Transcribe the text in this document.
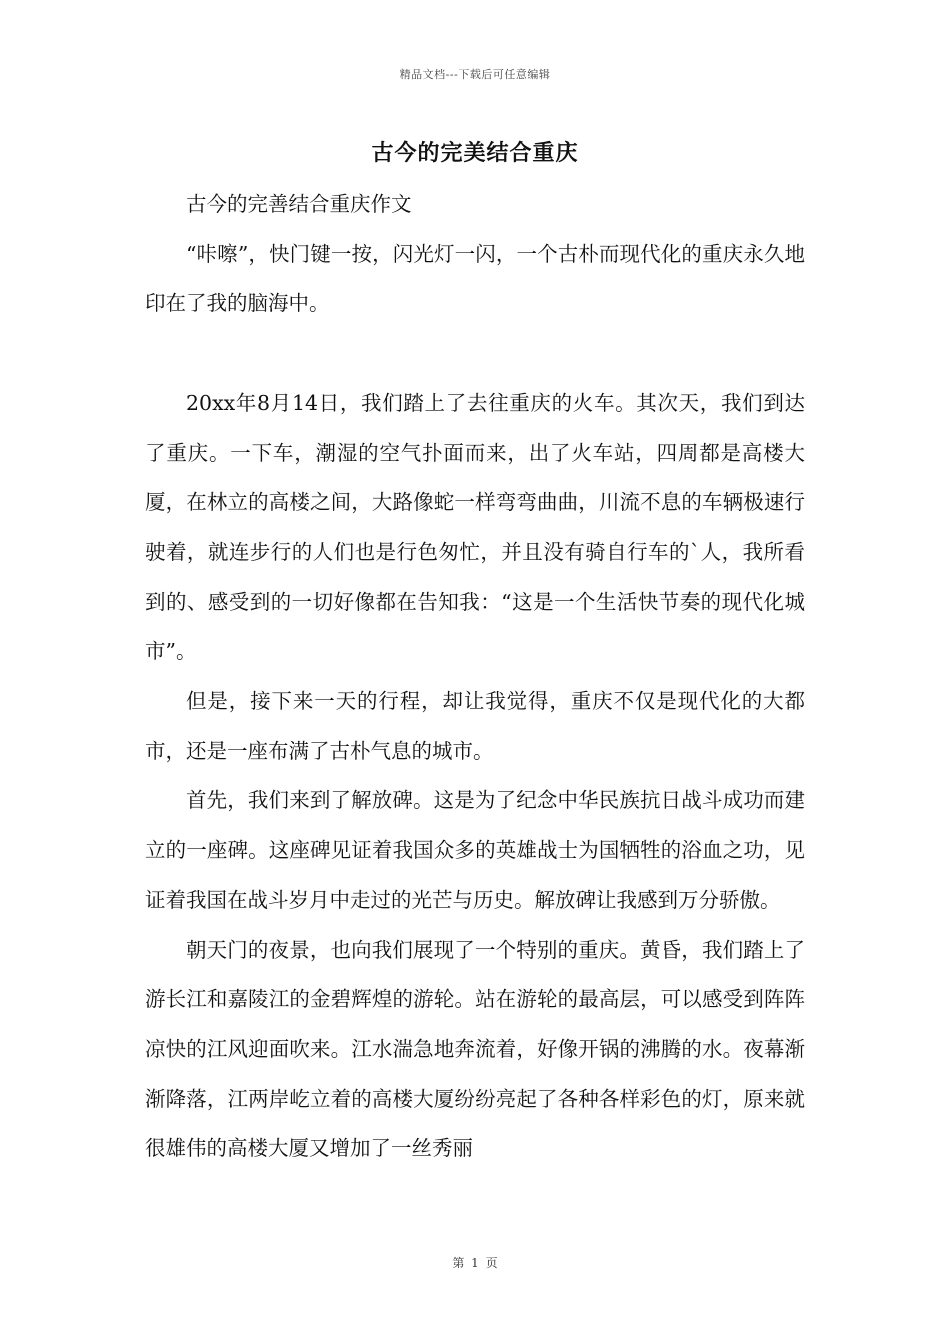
精品文档---下载后可任意编辑
古今的完美结合重庆

古今的完善结合重庆作文

“咔嚓”，快门键一按，闪光灯一闪，一个古朴而现代化的重庆永久地印在了我的脑海中。

20xx年8月14日，我们踏上了去往重庆的火车。其次天，我们到达了重庆。一下车，潮湿的空气扑面而来，出了火车站，四周都是高楼大厦，在林立的高楼之间，大路像蛇一样弯弯曲曲，川流不息的车辆极速行驶着，就连步行的人们也是行色匆忙，并且没有骑自行车的`人，我所看到的、感受到的一切好像都在告知我：“这是一个生活快节奏的现代化城市”。

但是，接下来一天的行程，却让我觉得，重庆不仅是现代化的大都市，还是一座布满了古朴气息的城市。

首先，我们来到了解放碑。这是为了纪念中华民族抗日战斗成功而建立的一座碑。这座碑见证着我国众多的英雄战士为国牺牲的浴血之功，见证着我国在战斗岁月中走过的光芒与历史。解放碑让我感到万分骄傲。

朝天门的夜景，也向我们展现了一个特别的重庆。黄昏，我们踏上了游长江和嘉陵江的金碧辉煌的游轮。站在游轮的最高层，可以感受到阵阵凉快的江风迎面吹来。江水湍急地奔流着，好像开锅的沸腾的水。夜幕渐渐降落，江两岸屹立着的高楼大厦纷纷亮起了各种各样彩色的灯，原来就很雄伟的高楼大厦又增加了一丝秀丽

第 1 页
